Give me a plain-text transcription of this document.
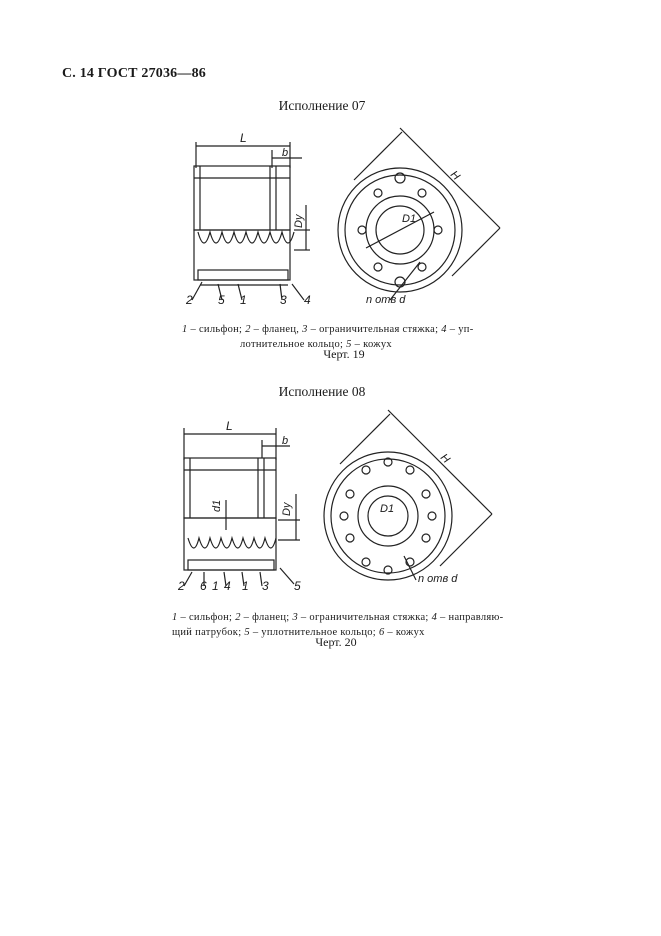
С. 14 ГОСТ 27036—86
Исполнение 07
L
b
Dy
2 5 1	3 4
H
D1
n отв d
1 – сильфон; 2 – фланец, 3 – ограничительная стяжка; 4 – уп-
лотнительное кольцо; 5 – кожух
Черт. 19
Исполнение 08
L
b
Dy
d1
2 6 1 4 1 3 5
H
D1
n отв d
1 – сильфон; 2 – фланец; 3 – ограничительная стяжка; 4 – направляю-
щий патрубок; 5 – уплотнительное кольцо; 6 – кожух
Черт. 20
